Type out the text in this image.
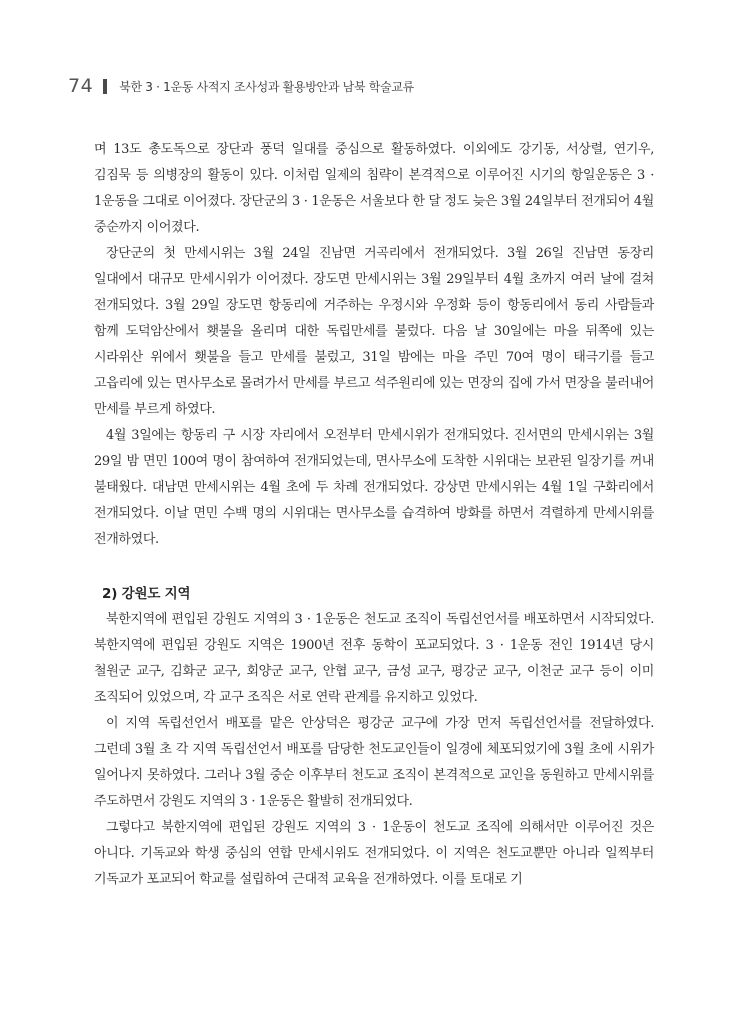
74 북한 3 · 1운동 사적지 조사성과 활용방안과 남북 학술교류

며 13도 총도독으로 장단과 풍덕 일대를 중심으로 활동하였다. 이외에도 강기동, 서상렬, 연기우, 김짐묵 등 의병장의 활동이 있다. 이처럼 일제의 침략이 본격적으로 이루어진 시기의 항일운동은 3 · 1운동을 그대로 이어졌다. 장단군의 3 · 1운동은 서울보다 한 달 정도 늦은 3월 24일부터 전개되어 4월 중순까지 이어졌다.

장단군의 첫 만세시위는 3월 24일 진남면 거곡리에서 전개되었다. 3월 26일 진남면 동장리 일대에서 대규모 만세시위가 이어졌다. 장도면 만세시위는 3월 29일부터 4월 초까지 여러 날에 걸쳐 전개되었다. 3월 29일 장도면 항동리에 거주하는 우정시와 우정화 등이 항동리에서 동리 사람들과 함께 도덕암산에서 횃불을 올리며 대한 독립만세를 불렀다. 다음 날 30일에는 마을 뒤쪽에 있는 시라위산 위에서 횃불을 들고 만세를 불렀고, 31일 밤에는 마을 주민 70여 명이 태극기를 들고 고읍리에 있는 면사무소로 몰려가서 만세를 부르고 석주원리에 있는 면장의 집에 가서 면장을 불러내어 만세를 부르게 하였다.

4월 3일에는 항동리 구 시장 자리에서 오전부터 만세시위가 전개되었다. 진서면의 만세시위는 3월 29일 밤 면민 100여 명이 참여하여 전개되었는데, 면사무소에 도착한 시위대는 보관된 일장기를 꺼내 불태웠다. 대남면 만세시위는 4월 초에 두 차례 전개되었다. 강상면 만세시위는 4월 1일 구화리에서 전개되었다. 이날 면민 수백 명의 시위대는 면사무소를 습격하여 방화를 하면서 격렬하게 만세시위를 전개하였다.

2) 강원도 지역

북한지역에 편입된 강원도 지역의 3 · 1운동은 천도교 조직이 독립선언서를 배포하면서 시작되었다. 북한지역에 편입된 강원도 지역은 1900년 전후 동학이 포교되었다. 3 · 1운동 전인 1914년 당시 철원군 교구, 김화군 교구, 회양군 교구, 안협 교구, 금성 교구, 평강군 교구, 이천군 교구 등이 이미 조직되어 있었으며, 각 교구 조직은 서로 연락 관계를 유지하고 있었다.

이 지역 독립선언서 배포를 맡은 안상덕은 평강군 교구에 가장 먼저 독립선언서를 전달하였다. 그런데 3월 초 각 지역 독립선언서 배포를 담당한 천도교인들이 일경에 체포되었기에 3월 초에 시위가 일어나지 못하였다. 그러나 3월 중순 이후부터 천도교 조직이 본격적으로 교인을 동원하고 만세시위를 주도하면서 강원도 지역의 3 · 1운동은 활발히 전개되었다.

그렇다고 북한지역에 편입된 강원도 지역의 3 · 1운동이 천도교 조직에 의해서만 이루어진 것은 아니다. 기독교와 학생 중심의 연합 만세시위도 전개되었다. 이 지역은 천도교뿐만 아니라 일찍부터 기독교가 포교되어 학교를 설립하여 근대적 교육을 전개하였다. 이를 토대로 기
